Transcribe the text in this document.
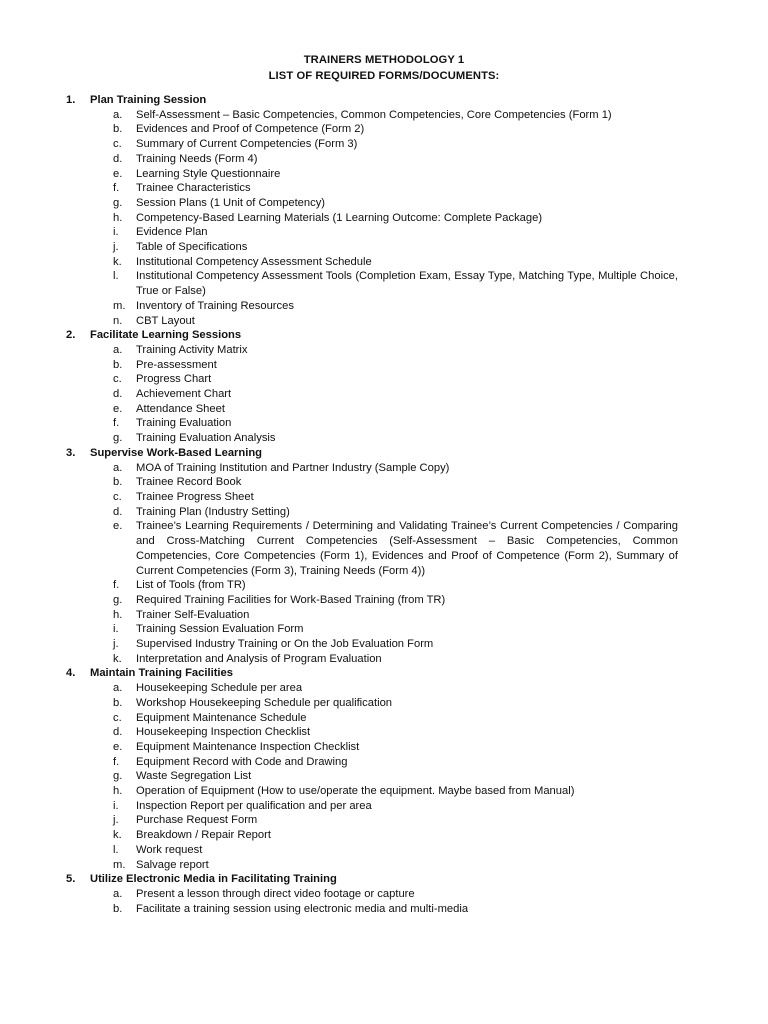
TRAINERS METHODOLOGY 1
LIST OF REQUIRED FORMS/DOCUMENTS:
1.	Plan Training Session
a.	Self-Assessment – Basic Competencies, Common Competencies, Core Competencies (Form 1)
b.	Evidences and Proof of Competence (Form 2)
c.	Summary of Current Competencies (Form 3)
d.	Training Needs (Form 4)
e.	Learning Style Questionnaire
f.	Trainee Characteristics
g.	Session Plans (1 Unit of Competency)
h.	Competency-Based Learning Materials (1 Learning Outcome: Complete Package)
i.	Evidence Plan
j.	Table of Specifications
k.	Institutional Competency Assessment Schedule
l.	Institutional Competency Assessment Tools (Completion Exam, Essay Type, Matching Type, Multiple Choice, True or False)
m. Inventory of Training Resources
n.	CBT Layout
2.	Facilitate Learning Sessions
a.	Training Activity Matrix
b.	Pre-assessment
c.	Progress Chart
d.	Achievement Chart
e.	Attendance Sheet
f.	Training Evaluation
g.	Training Evaluation Analysis
3.	Supervise Work-Based Learning
a.	MOA of Training Institution and Partner Industry (Sample Copy)
b.	Trainee Record Book
c.	Trainee Progress Sheet
d.	Training Plan (Industry Setting)
e.	Trainee’s Learning Requirements / Determining and Validating Trainee’s Current Competencies / Comparing and Cross-Matching Current Competencies (Self-Assessment – Basic Competencies, Common Competencies, Core Competencies (Form 1), Evidences and Proof of Competence (Form 2), Summary of Current Competencies (Form 3), Training Needs (Form 4))
f.	List of Tools (from TR)
g.	Required Training Facilities for Work-Based Training (from TR)
h.	Trainer Self-Evaluation
i.	Training Session Evaluation Form
j.	Supervised Industry Training or On the Job Evaluation Form
k.	Interpretation and Analysis of Program Evaluation
4.	Maintain Training Facilities
a.	Housekeeping Schedule per area
b.	Workshop Housekeeping Schedule per qualification
c.	Equipment Maintenance Schedule
d.	Housekeeping Inspection Checklist
e.	Equipment Maintenance Inspection Checklist
f.	Equipment Record with Code and Drawing
g.	Waste Segregation List
h.	Operation of Equipment (How to use/operate the equipment. Maybe based from Manual)
i.	Inspection Report per qualification and per area
j.	Purchase Request Form
k.	Breakdown / Repair Report
l.	Work request
m. Salvage report
5.	Utilize Electronic Media in Facilitating Training
a.	Present a lesson through direct video footage or capture
b.	Facilitate a training session using electronic media and multi-media
